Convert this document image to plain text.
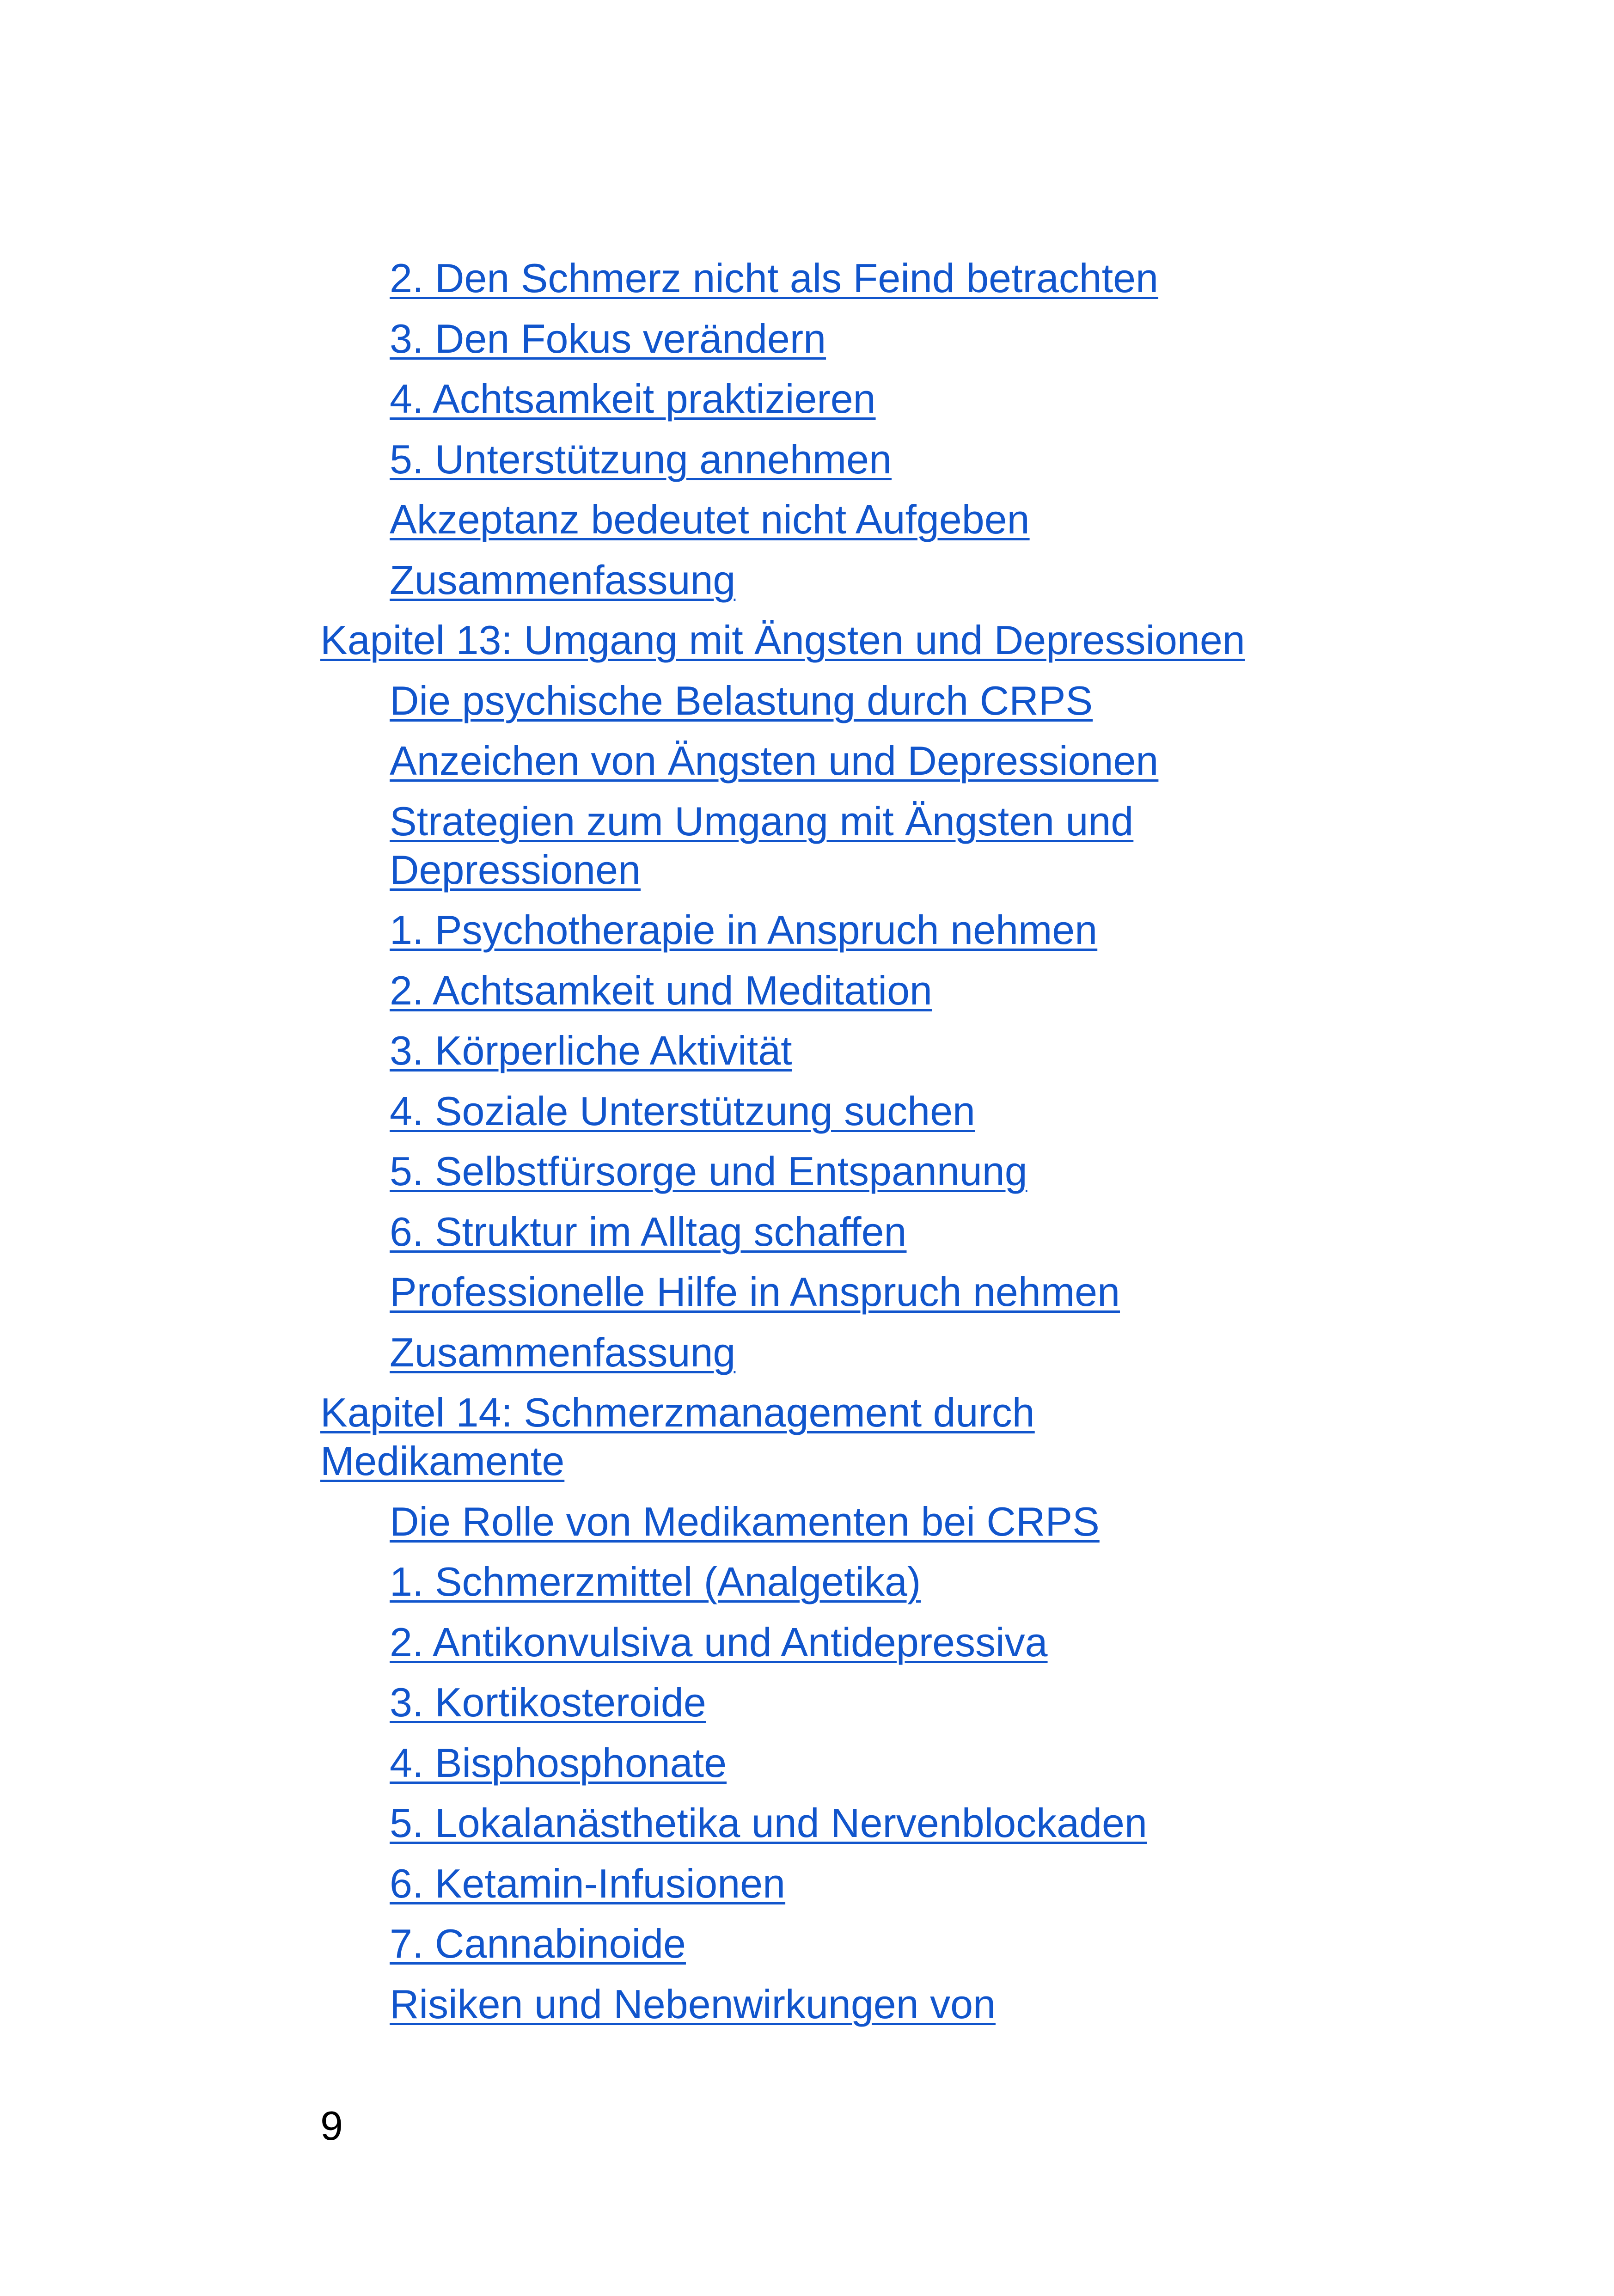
2. Den Schmerz nicht als Feind betrachten
3. Den Fokus verändern
4. Achtsamkeit praktizieren
5. Unterstützung annehmen
Akzeptanz bedeutet nicht Aufgeben
Zusammenfassung
Kapitel 13: Umgang mit Ängsten und Depressionen
Die psychische Belastung durch CRPS
Anzeichen von Ängsten und Depressionen
Strategien zum Umgang mit Ängsten und
Depressionen
1. Psychotherapie in Anspruch nehmen
2. Achtsamkeit und Meditation
3. Körperliche Aktivität
4. Soziale Unterstützung suchen
5. Selbstfürsorge und Entspannung
6. Struktur im Alltag schaffen
Professionelle Hilfe in Anspruch nehmen
Zusammenfassung
Kapitel 14: Schmerzmanagement durch
Medikamente
Die Rolle von Medikamenten bei CRPS
1. Schmerzmittel (Analgetika)
2. Antikonvulsiva und Antidepressiva
3. Kortikosteroide
4. Bisphosphonate
5. Lokalanästhetika und Nervenblockaden
6. Ketamin-Infusionen
7. Cannabinoide
Risiken und Nebenwirkungen von
9
